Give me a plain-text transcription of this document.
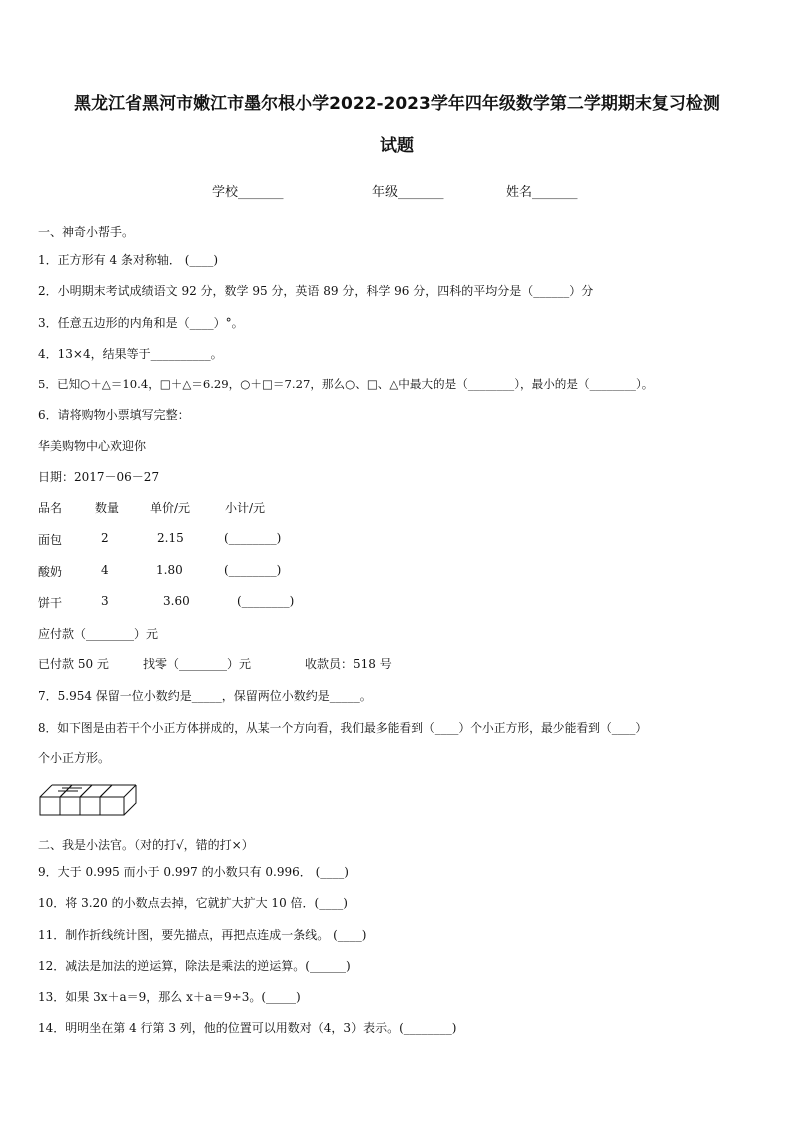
黑龙江省黑河市嫩江市墨尔根小学2022-2023学年四年级数学第二学期期末复习检测
试题
学校_______	年级_______	姓名_______
一、神奇小帮手。
1．正方形有 4 条对称轴． (____)
2．小明期末考试成绩语文 92 分，数学 95 分，英语 89 分，科学 96 分，四科的平均分是（______）分
3．任意五边形的内角和是（____）°。
4．13×4，结果等于__________。
5．已知○＋△＝10.4，□＋△＝6.29，○＋□＝7.27，那么○、□、△中最大的是（________），最小的是（________）。
6．请将购物小票填写完整：
华美购物中心欢迎你
日期：2017－06－27
品名	数量	单价/元	小计/元
面包	2	2.15	(________)
酸奶	4	1.80	(________)
饼干	3	3.60	(________)
应付款（________）元
已付款 50 元	找零（________）元	收款员：518 号
7．5.954 保留一位小数约是_____，保留两位小数约是_____。
8．如下图是由若干个小正方体拼成的，从某一个方向看，我们最多能看到（____）个小正方形，最少能看到（____）
个小正方形。
二、我是小法官。（对的打√，错的打×）
9．大于 0.995 而小于 0.997 的小数只有 0.996． (____)
10．将 3.20 的小数点去掉，它就扩大扩大 10 倍．(____)
11．制作折线统计图，要先描点，再把点连成一条线。 (____)
12．减法是加法的逆运算，除法是乘法的逆运算。(______)
13．如果 3x＋a＝9，那么 x＋a＝9÷3。(_____)
14．明明坐在第 4 行第 3 列，他的位置可以用数对（4，3）表示。(________)
